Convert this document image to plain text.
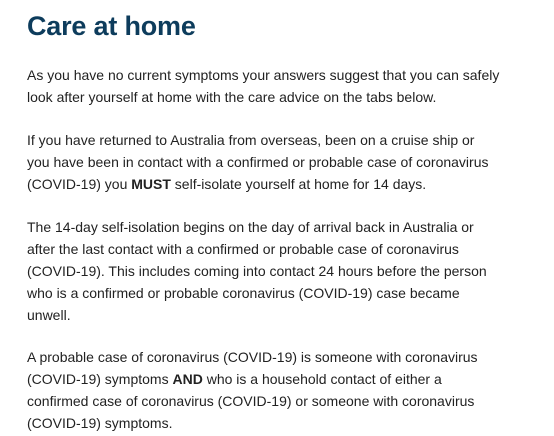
Care at home

As you have no current symptoms your answers suggest that you can safely
look after yourself at home with the care advice on the tabs below.

If you have returned to Australia from overseas, been on a cruise ship or
you have been in contact with a confirmed or probable case of coronavirus
(COVID-19) you MUST self-isolate yourself at home for 14 days.

The 14-day self-isolation begins on the day of arrival back in Australia or
after the last contact with a confirmed or probable case of coronavirus
(COVID-19). This includes coming into contact 24 hours before the person
who is a confirmed or probable coronavirus (COVID-19) case became
unwell.

A probable case of coronavirus (COVID-19) is someone with coronavirus
(COVID-19) symptoms AND who is a household contact of either a
confirmed case of coronavirus (COVID-19) or someone with coronavirus
(COVID-19) symptoms.
